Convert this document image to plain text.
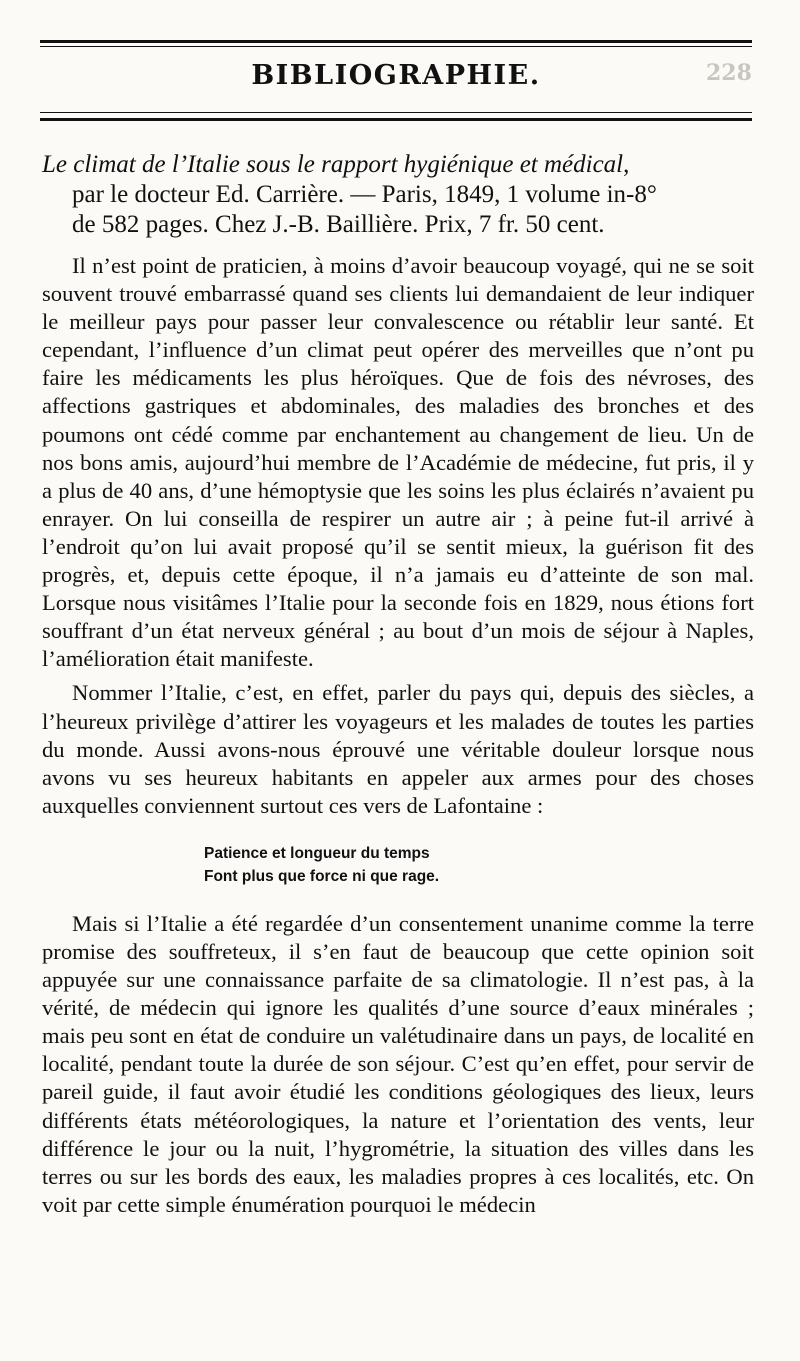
BIBLIOGRAPHIE.	228
Le climat de l’Italie sous le rapport hygiénique et médical,
par le docteur Ed. Carrière. — Paris, 1849, 1 volume in-8°
de 582 pages. Chez J.-B. Baillière. Prix, 7 fr. 50 cent.

Il n’est point de praticien, à moins d’avoir beaucoup voyagé, qui ne se soit souvent trouvé embarrassé quand ses clients lui demandaient de leur indiquer le meilleur pays pour passer leur convalescence ou rétablir leur santé. Et cependant, l’influence d’un climat peut opérer des merveilles que n’ont pu faire les médicaments les plus héroïques. Que de fois des névroses, des affections gastriques et abdominales, des maladies des bronches et des poumons ont cédé comme par enchantement au changement de lieu. Un de nos bons amis, aujourd’hui membre de l’Académie de médecine, fut pris, il y a plus de 40 ans, d’une hémoptysie que les soins les plus éclairés n’avaient pu enrayer. On lui conseilla de respirer un autre air ; à peine fut-il arrivé à l’endroit qu’on lui avait proposé qu’il se sentit mieux, la guérison fit des progrès, et, depuis cette époque, il n’a jamais eu d’atteinte de son mal. Lorsque nous visitâmes l’Italie pour la seconde fois en 1829, nous étions fort souffrant d’un état nerveux général ; au bout d’un mois de séjour à Naples, l’amélioration était manifeste.

Nommer l’Italie, c’est, en effet, parler du pays qui, depuis des siècles, a l’heureux privilège d’attirer les voyageurs et les malades de toutes les parties du monde. Aussi avons-nous éprouvé une véritable douleur lorsque nous avons vu ses heureux habitants en appeler aux armes pour des choses auxquelles conviennent surtout ces vers de Lafontaine :

Patience et longueur du temps
Font plus que force ni que rage.

Mais si l’Italie a été regardée d’un consentement unanime comme la terre promise des souffreteux, il s’en faut de beaucoup que cette opinion soit appuyée sur une connaissance parfaite de sa climatologie. Il n’est pas, à la vérité, de médecin qui ignore les qualités d’une source d’eaux minérales ; mais peu sont en état de conduire un valétudinaire dans un pays, de localité en localité, pendant toute la durée de son séjour. C’est qu’en effet, pour servir de pareil guide, il faut avoir étudié les conditions géologiques des lieux, leurs différents états météorologiques, la nature et l’orientation des vents, leur différence le jour ou la nuit, l’hygrométrie, la situation des villes dans les terres ou sur les bords des eaux, les maladies propres à ces localités, etc. On voit par cette simple énumération pourquoi le médecin
